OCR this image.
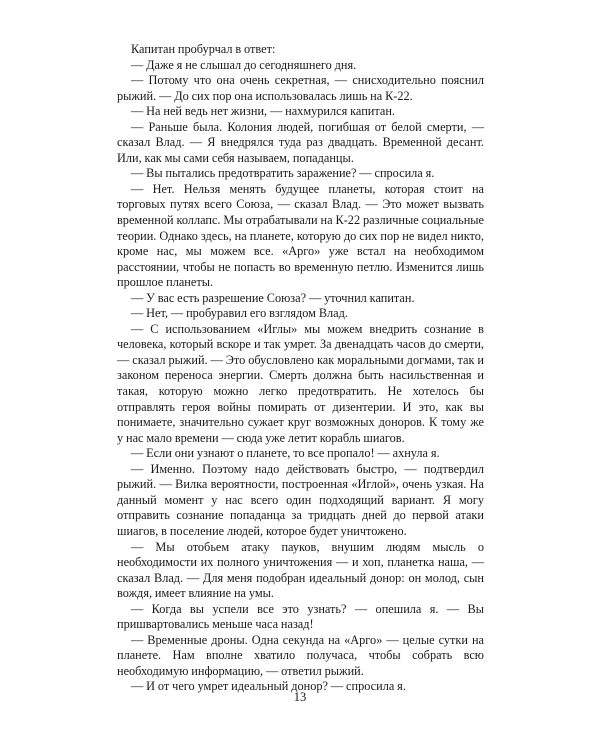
Капитан пробурчал в ответ:

— Даже я не слышал до сегодняшнего дня.

— Потому что она очень секретная, — снисходительно пояснил рыжий. — До сих пор она использовалась лишь на К-22.

— На ней ведь нет жизни, — нахмурился капитан.

— Раньше была. Колония людей, погибшая от белой смерти, — сказал Влад. — Я внедрялся туда раз двадцать. Временной десант. Или, как мы сами себя называем, попаданцы.

— Вы пытались предотвратить заражение? — спросила я.

— Нет. Нельзя менять будущее планеты, которая стоит на торговых путях всего Союза, — сказал Влад. — Это может вызвать временной коллапс. Мы отрабатывали на К-22 различные социальные теории. Однако здесь, на планете, которую до сих пор не видел никто, кроме нас, мы можем все. «Арго» уже встал на необходимом расстоянии, чтобы не попасть во временную петлю. Изменится лишь прошлое планеты.

— У вас есть разрешение Союза? — уточнил капитан.

— Нет, — пробуравил его взглядом Влад.

— С использованием «Иглы» мы можем внедрить сознание в человека, который вскоре и так умрет. За двенадцать часов до смерти, — сказал рыжий. — Это обусловлено как моральными догмами, так и законом переноса энергии. Смерть должна быть насильственная и такая, которую можно легко предотвратить. Не хотелось бы отправлять героя войны помирать от дизентерии. И это, как вы понимаете, значительно сужает круг возможных доноров. К тому же у нас мало времени — сюда уже летит корабль шиагов.

— Если они узнают о планете, то все пропало! — ахнула я.

— Именно. Поэтому надо действовать быстро, — подтвердил рыжий. — Вилка вероятности, построенная «Иглой», очень узкая. На данный момент у нас всего один подходящий вариант. Я могу отправить сознание попаданца за тридцать дней до первой атаки шиагов, в поселение людей, которое будет уничтожено.

— Мы отобьем атаку пауков, внушим людям мысль о необходимости их полного уничтожения — и хоп, планетка наша, — сказал Влад. — Для меня подобран идеальный донор: он молод, сын вождя, имеет влияние на умы.

— Когда вы успели все это узнать? — опешила я. — Вы пришвартовались меньше часа назад!

— Временные дроны. Одна секунда на «Арго» — целые сутки на планете. Нам вполне хватило получаса, чтобы собрать всю необходимую информацию, — ответил рыжий.

— И от чего умрет идеальный донор? — спросила я.

13
